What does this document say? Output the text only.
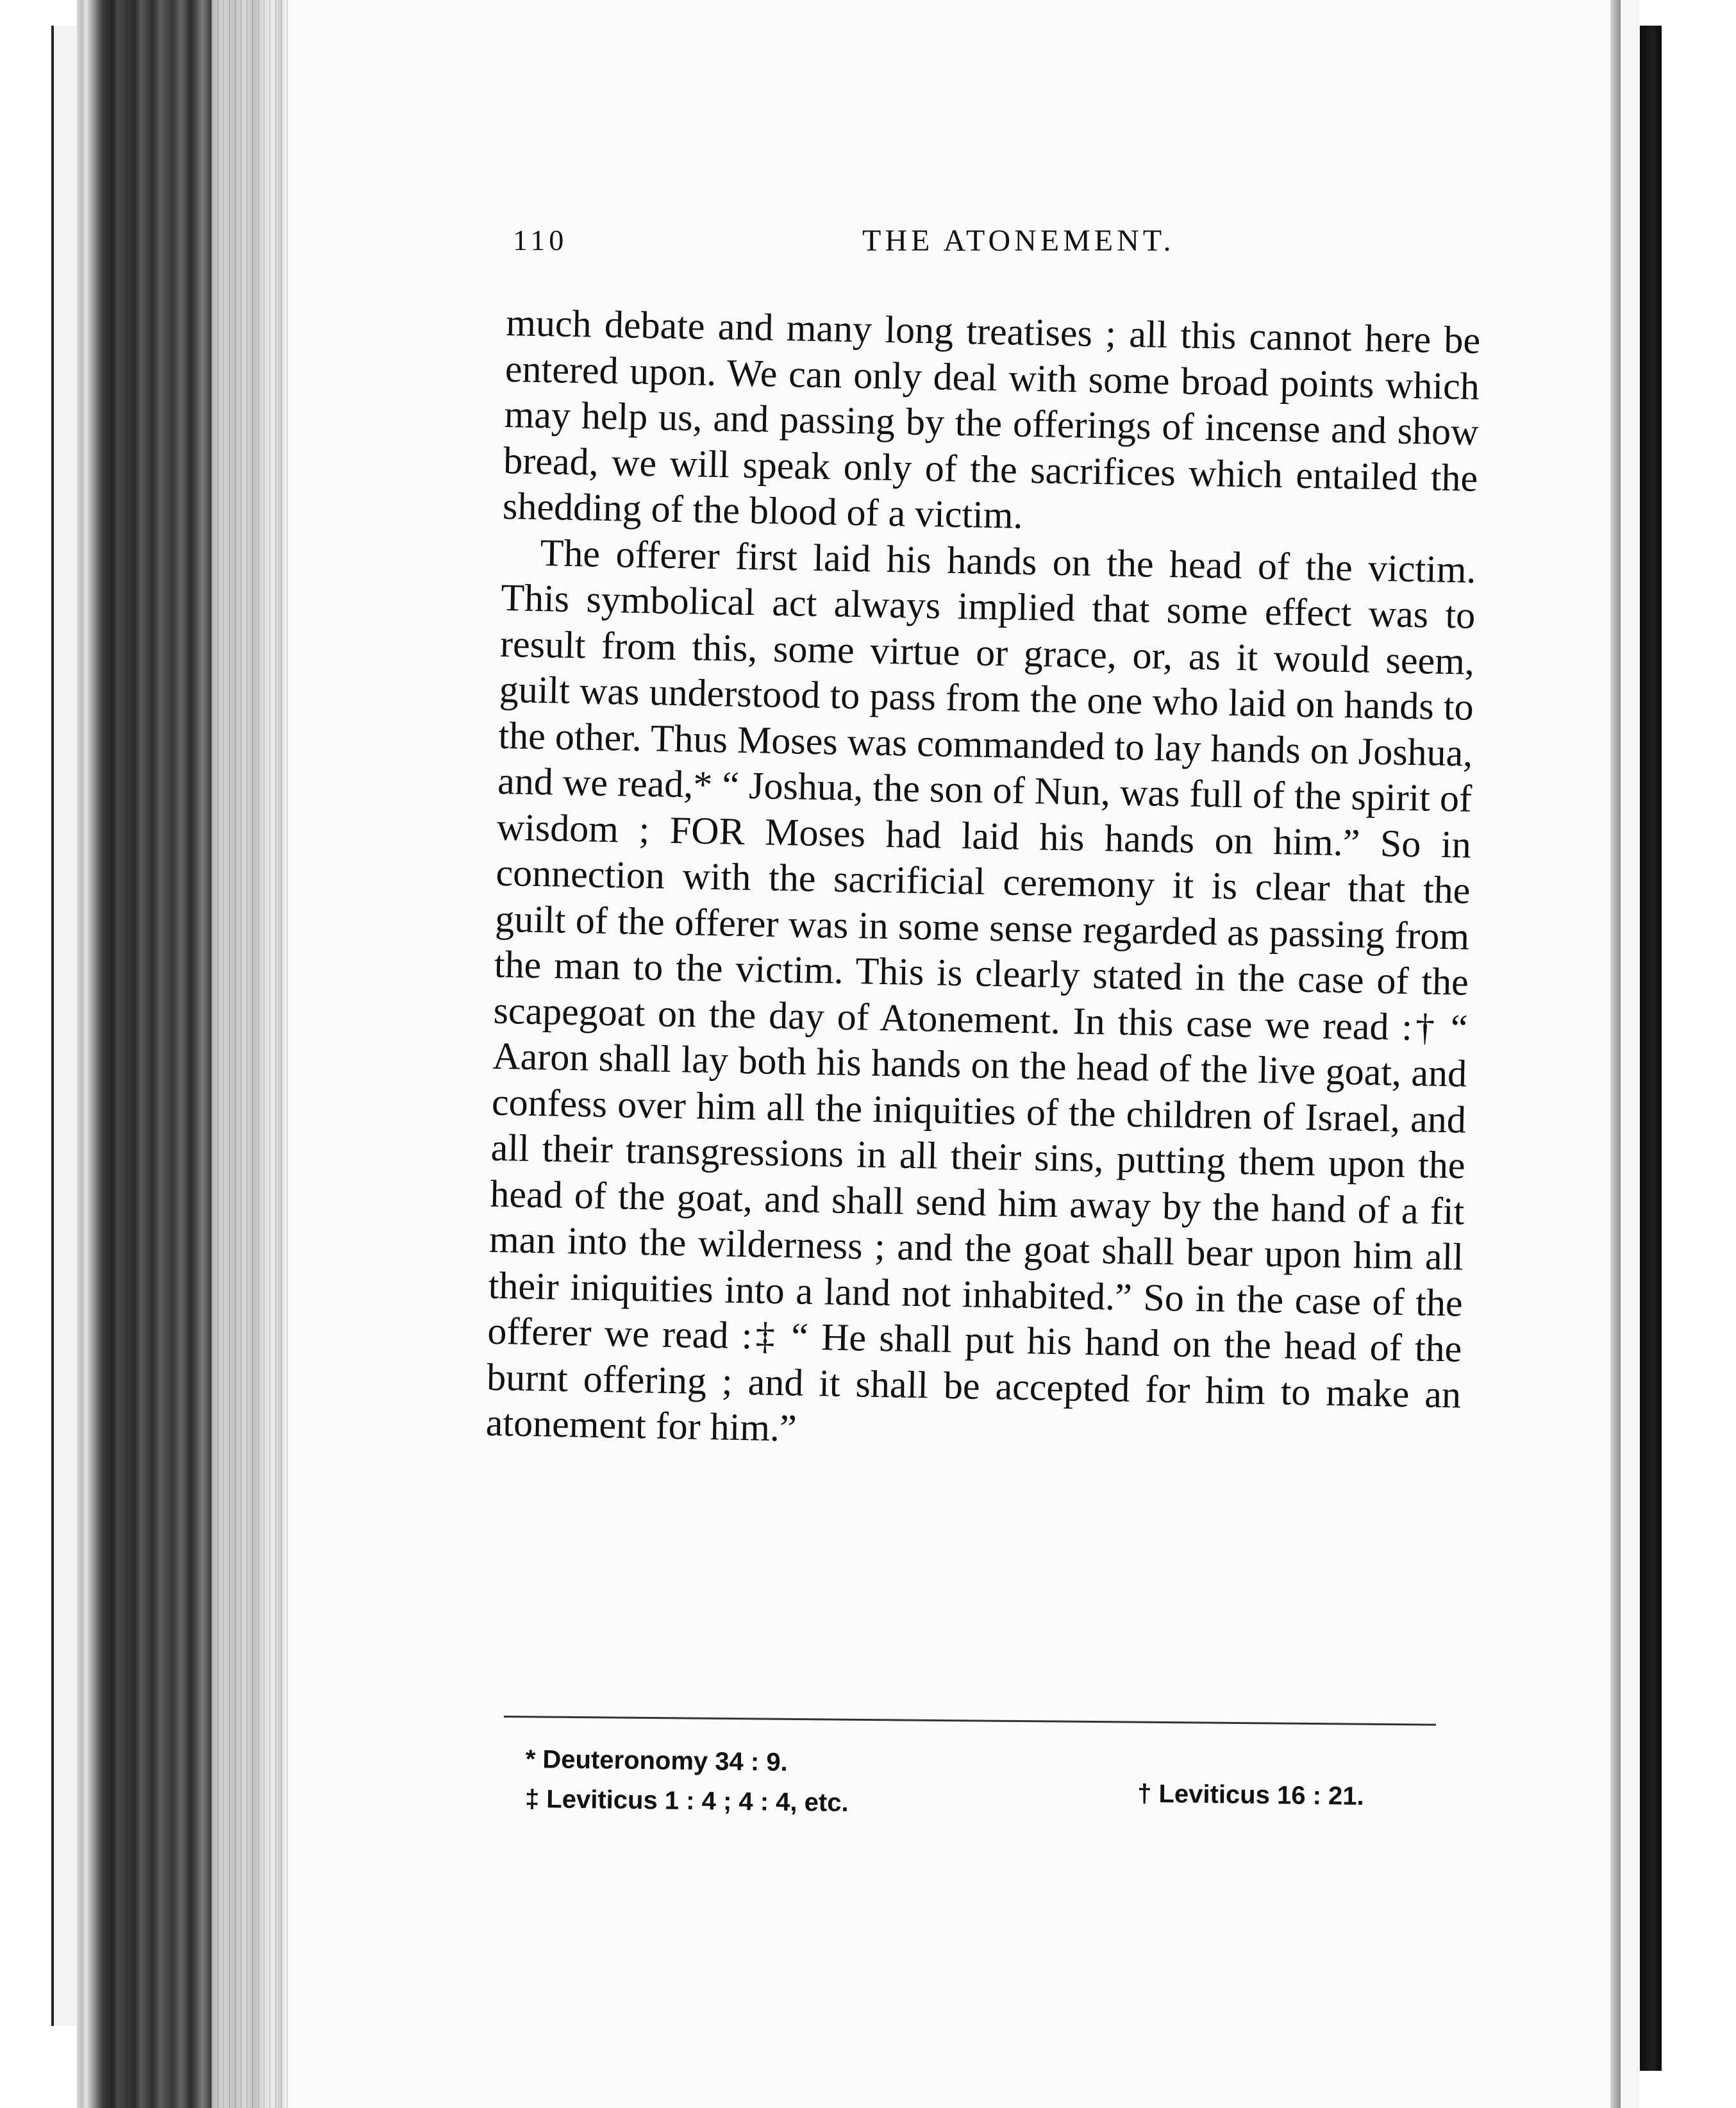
110	THE ATONEMENT.

much debate and many long treatises ; all this cannot here be entered upon. We can only deal with some broad points which may help us, and passing by the offerings of incense and show bread, we will speak only of the sacrifices which entailed the shedding of the blood of a victim.

The offerer first laid his hands on the head of the victim. This symbolical act always implied that some effect was to result from this, some virtue or grace, or, as it would seem, guilt was understood to pass from the one who laid on hands to the other. Thus Moses was commanded to lay hands on Joshua, and we read,* “ Joshua, the son of Nun, was full of the spirit of wisdom ; FOR Moses had laid his hands on him.” So in connection with the sacrificial ceremony it is clear that the guilt of the offerer was in some sense regarded as passing from the man to the victim. This is clearly stated in the case of the scapegoat on the day of Atonement. In this case we read :† “ Aaron shall lay both his hands on the head of the live goat, and confess over him all the iniquities of the children of Israel, and all their transgressions in all their sins, putting them upon the head of the goat, and shall send him away by the hand of a fit man into the wilderness ; and the goat shall bear upon him all their iniquities into a land not inhabited.” So in the case of the offerer we read :‡ “ He shall put his hand on the head of the burnt offering ; and it shall be accepted for him to make an atonement for him.”

* Deuteronomy 34 : 9.
‡ Leviticus 1 : 4 ; 4 : 4, etc.	† Leviticus 16 : 21.
